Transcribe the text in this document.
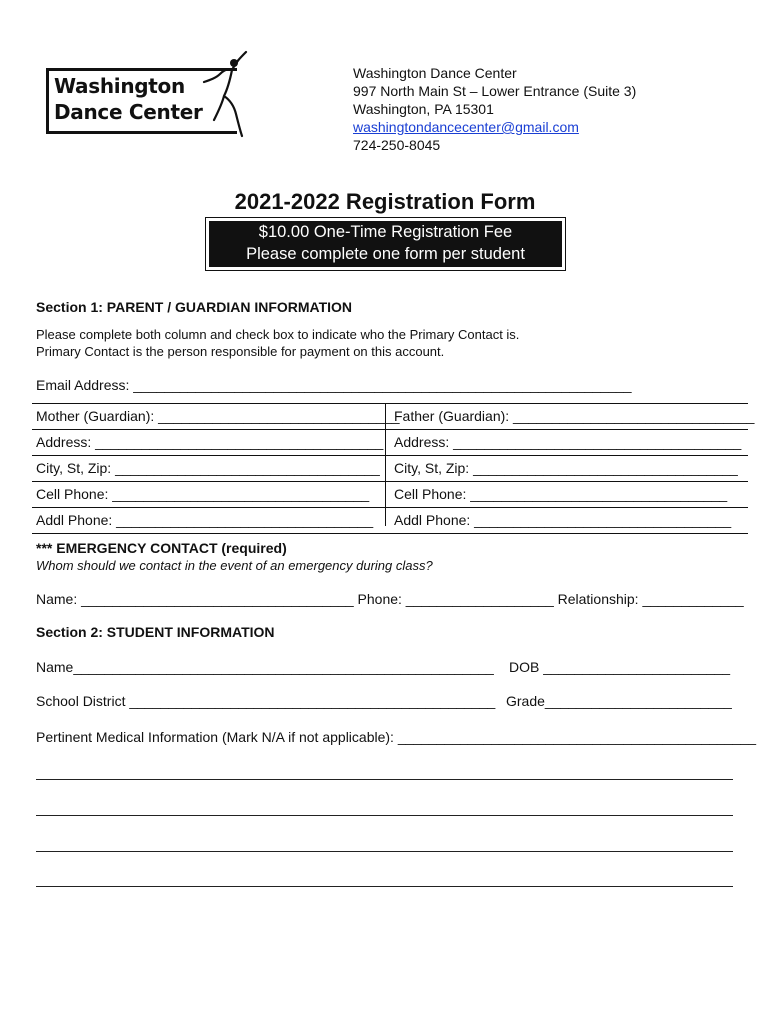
Washington
Dance Center
Washington Dance Center
997 North Main St – Lower Entrance (Suite 3)
Washington, PA 15301
washingtondancecenter@gmail.com
724-250-8045
2021-2022 Registration Form
$10.00 One-Time Registration Fee
Please complete one form per student
Section 1: PARENT / GUARDIAN INFORMATION
Please complete both column and check box to indicate who the Primary Contact is.
Primary Contact is the person responsible for payment on this account.
Email Address: ________________________________________________________________
Mother (Guardian): _______________________________
Father (Guardian): _______________________________
Address: _____________________________________ Address: _____________________________________
City, St, Zip: __________________________________ City, St, Zip: __________________________________
Cell Phone: _________________________________ Cell Phone: _________________________________
Addl Phone: _________________________________ Addl Phone: _________________________________
*** EMERGENCY CONTACT (required)
Whom should we contact in the event of an emergency during class?
Name: ___________________________________ Phone: ___________________ Relationship: _____________
Section 2: STUDENT INFORMATION
Name______________________________________________________ DOB ________________________
School District _______________________________________________ Grade________________________
Pertinent Medical Information (Mark N/A if not applicable): ______________________________________________
